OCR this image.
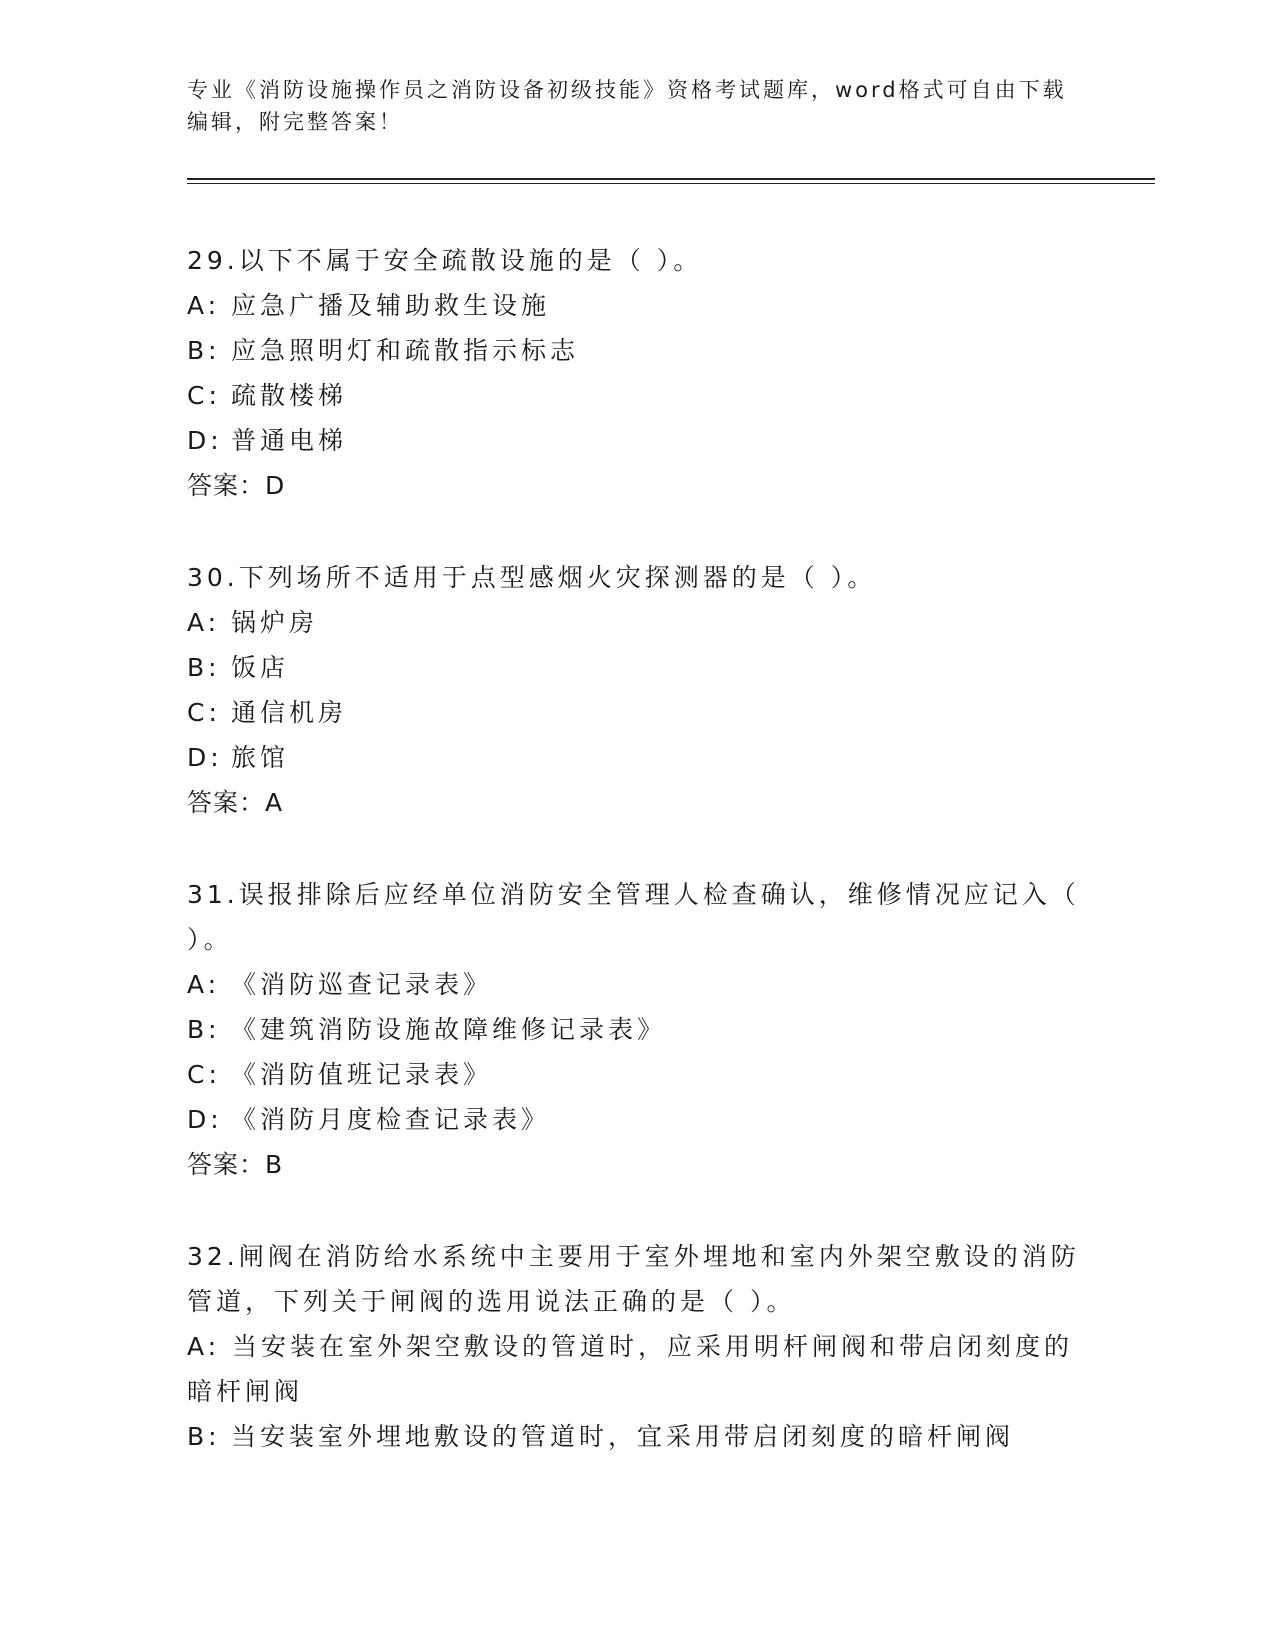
专业《消防设施操作员之消防设备初级技能》资格考试题库，word格式可自由下载编辑，附完整答案！

29.以下不属于安全疏散设施的是（ ）。

A: 应急广播及辅助救生设施

B: 应急照明灯和疏散指示标志

C: 疏散楼梯

D: 普通电梯

答案：D

30.下列场所不适用于点型感烟火灾探测器的是（ ）。

A: 锅炉房

B: 饭店

C: 通信机房

D: 旅馆

答案：A

31.误报排除后应经单位消防安全管理人检查确认，维修情况应记入（ ）。

A: 《消防巡查记录表》

B: 《建筑消防设施故障维修记录表》

C: 《消防值班记录表》

D: 《消防月度检查记录表》

答案：B

32.闸阀在消防给水系统中主要用于室外埋地和室内外架空敷设的消防管道，下列关于闸阀的选用说法正确的是（ ）。

A: 当安装在室外架空敷设的管道时，应采用明杆闸阀和带启闭刻度的暗杆闸阀

B: 当安装室外埋地敷设的管道时，宜采用带启闭刻度的暗杆闸阀
